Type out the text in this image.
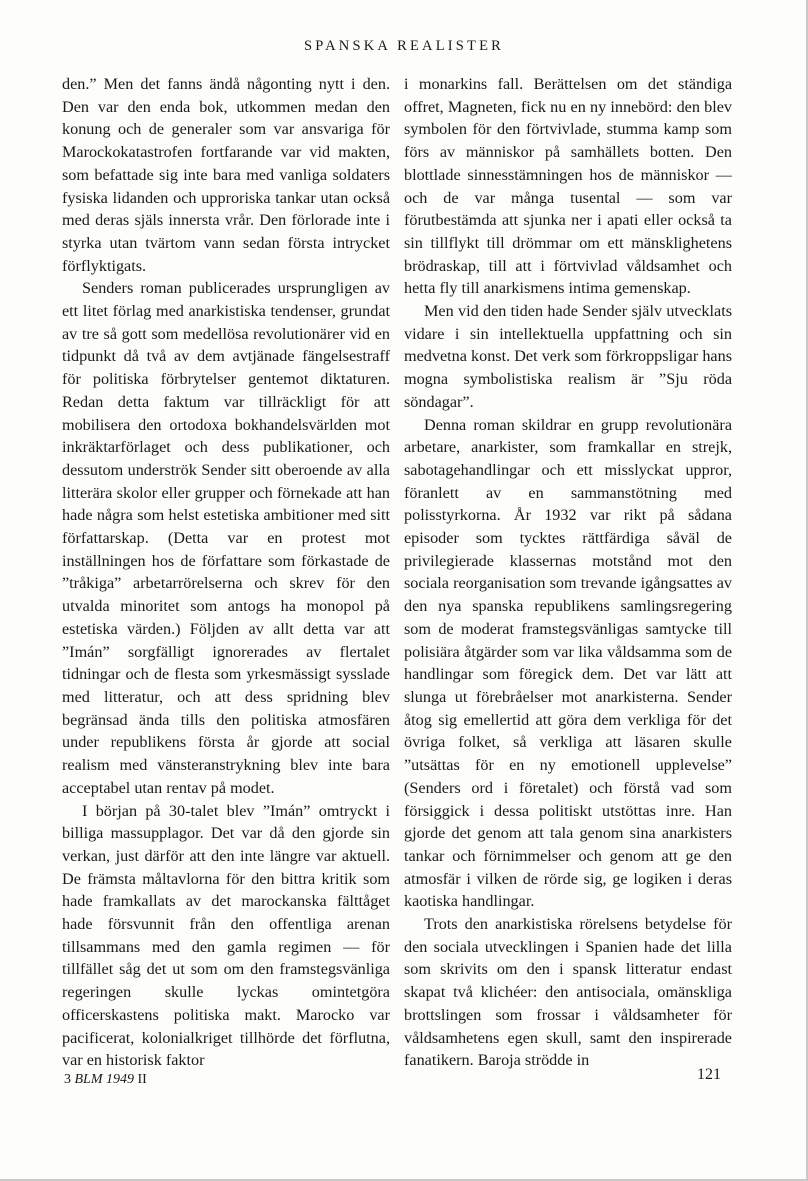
SPANSKA REALISTER

den.” Men det fanns ändå någonting nytt i den. Den var den enda bok, utkommen medan den konung och de generaler som var ansvariga för Marockokatastrofen fortfarande var vid makten, som befattade sig inte bara med vanliga soldaters fysiska lidanden och upproriska tankar utan också med deras själs innersta vrår. Den förlorade inte i styrka utan tvärtom vann sedan första intrycket förflyktigats.

Senders roman publicerades ursprungligen av ett litet förlag med anarkistiska tendenser, grundat av tre så gott som medellösa revolutionärer vid en tidpunkt då två av dem avtjänade fängelsestraff för politiska förbrytelser gentemot diktaturen. Redan detta faktum var tillräckligt för att mobilisera den ortodoxa bokhandelsvärlden mot inkräktarförlaget och dess publikationer, och dessutom underströk Sender sitt oberoende av alla litterära skolor eller grupper och förnekade att han hade några som helst estetiska ambitioner med sitt författarskap. (Detta var en protest mot inställningen hos de författare som förkastade de ”tråkiga” arbetarrörelserna och skrev för den utvalda minoritet som antogs ha monopol på estetiska värden.) Följden av allt detta var att ”Imán” sorgfälligt ignorerades av flertalet tidningar och de flesta som yrkesmässigt sysslade med litteratur, och att dess spridning blev begränsad ända tills den politiska atmosfären under republikens första år gjorde att social realism med vänsteranstrykning blev inte bara acceptabel utan rentav på modet.

I början på 30-talet blev ”Imán” omtryckt i billiga massupplagor. Det var då den gjorde sin verkan, just därför att den inte längre var aktuell. De främsta måltavlorna för den bittra kritik som hade framkallats av det marockanska fälttåget hade försvunnit från den offentliga arenan tillsammans med den gamla regimen — för tillfället såg det ut som om den framstegsvänliga regeringen skulle lyckas omintetgöra officerskastens politiska makt. Marocko var pacificerat, kolonialkriget tillhörde det förflutna, var en historisk faktor

i monarkins fall. Berättelsen om det ständiga offret, Magneten, fick nu en ny innebörd: den blev symbolen för den förtvivlade, stumma kamp som förs av människor på samhällets botten. Den blottlade sinnesstämningen hos de människor — och de var många tusental — som var förutbestämda att sjunka ner i apati eller också ta sin tillflykt till drömmar om ett mänsklighetens brödraskap, till att i förtvivlad våldsamhet och hetta fly till anarkismens intima gemenskap.

Men vid den tiden hade Sender själv utvecklats vidare i sin intellektuella uppfattning och sin medvetna konst. Det verk som förkroppsligar hans mogna symbolistiska realism är ”Sju röda söndagar”.

Denna roman skildrar en grupp revolutionära arbetare, anarkister, som framkallar en strejk, sabotagehandlingar och ett misslyckat uppror, föranlett av en sammanstötning med polisstyrkorna. År 1932 var rikt på sådana episoder som tycktes rättfärdiga såväl de privilegierade klassernas motstånd mot den sociala reorganisation som trevande igångsattes av den nya spanska republikens samlingsregering som de moderat framstegsvänligas samtycke till polisiära åtgärder som var lika våldsamma som de handlingar som föregick dem. Det var lätt att slunga ut förebråelser mot anarkisterna. Sender åtog sig emellertid att göra dem verkliga för det övriga folket, så verkliga att läsaren skulle ”utsättas för en ny emotionell upplevelse” (Senders ord i företalet) och förstå vad som försiggick i dessa politiskt utstöttas inre. Han gjorde det genom att tala genom sina anarkisters tankar och förnimmelser och genom att ge den atmosfär i vilken de rörde sig, ge logiken i deras kaotiska handlingar.

Trots den anarkistiska rörelsens betydelse för den sociala utvecklingen i Spanien hade det lilla som skrivits om den i spansk litteratur endast skapat två klichéer: den antisociala, omänskliga brottslingen som frossar i våldsamheter för våldsamhetens egen skull, samt den inspirerade fanatikern. Baroja strödde in

3 BLM 1949 II	121
